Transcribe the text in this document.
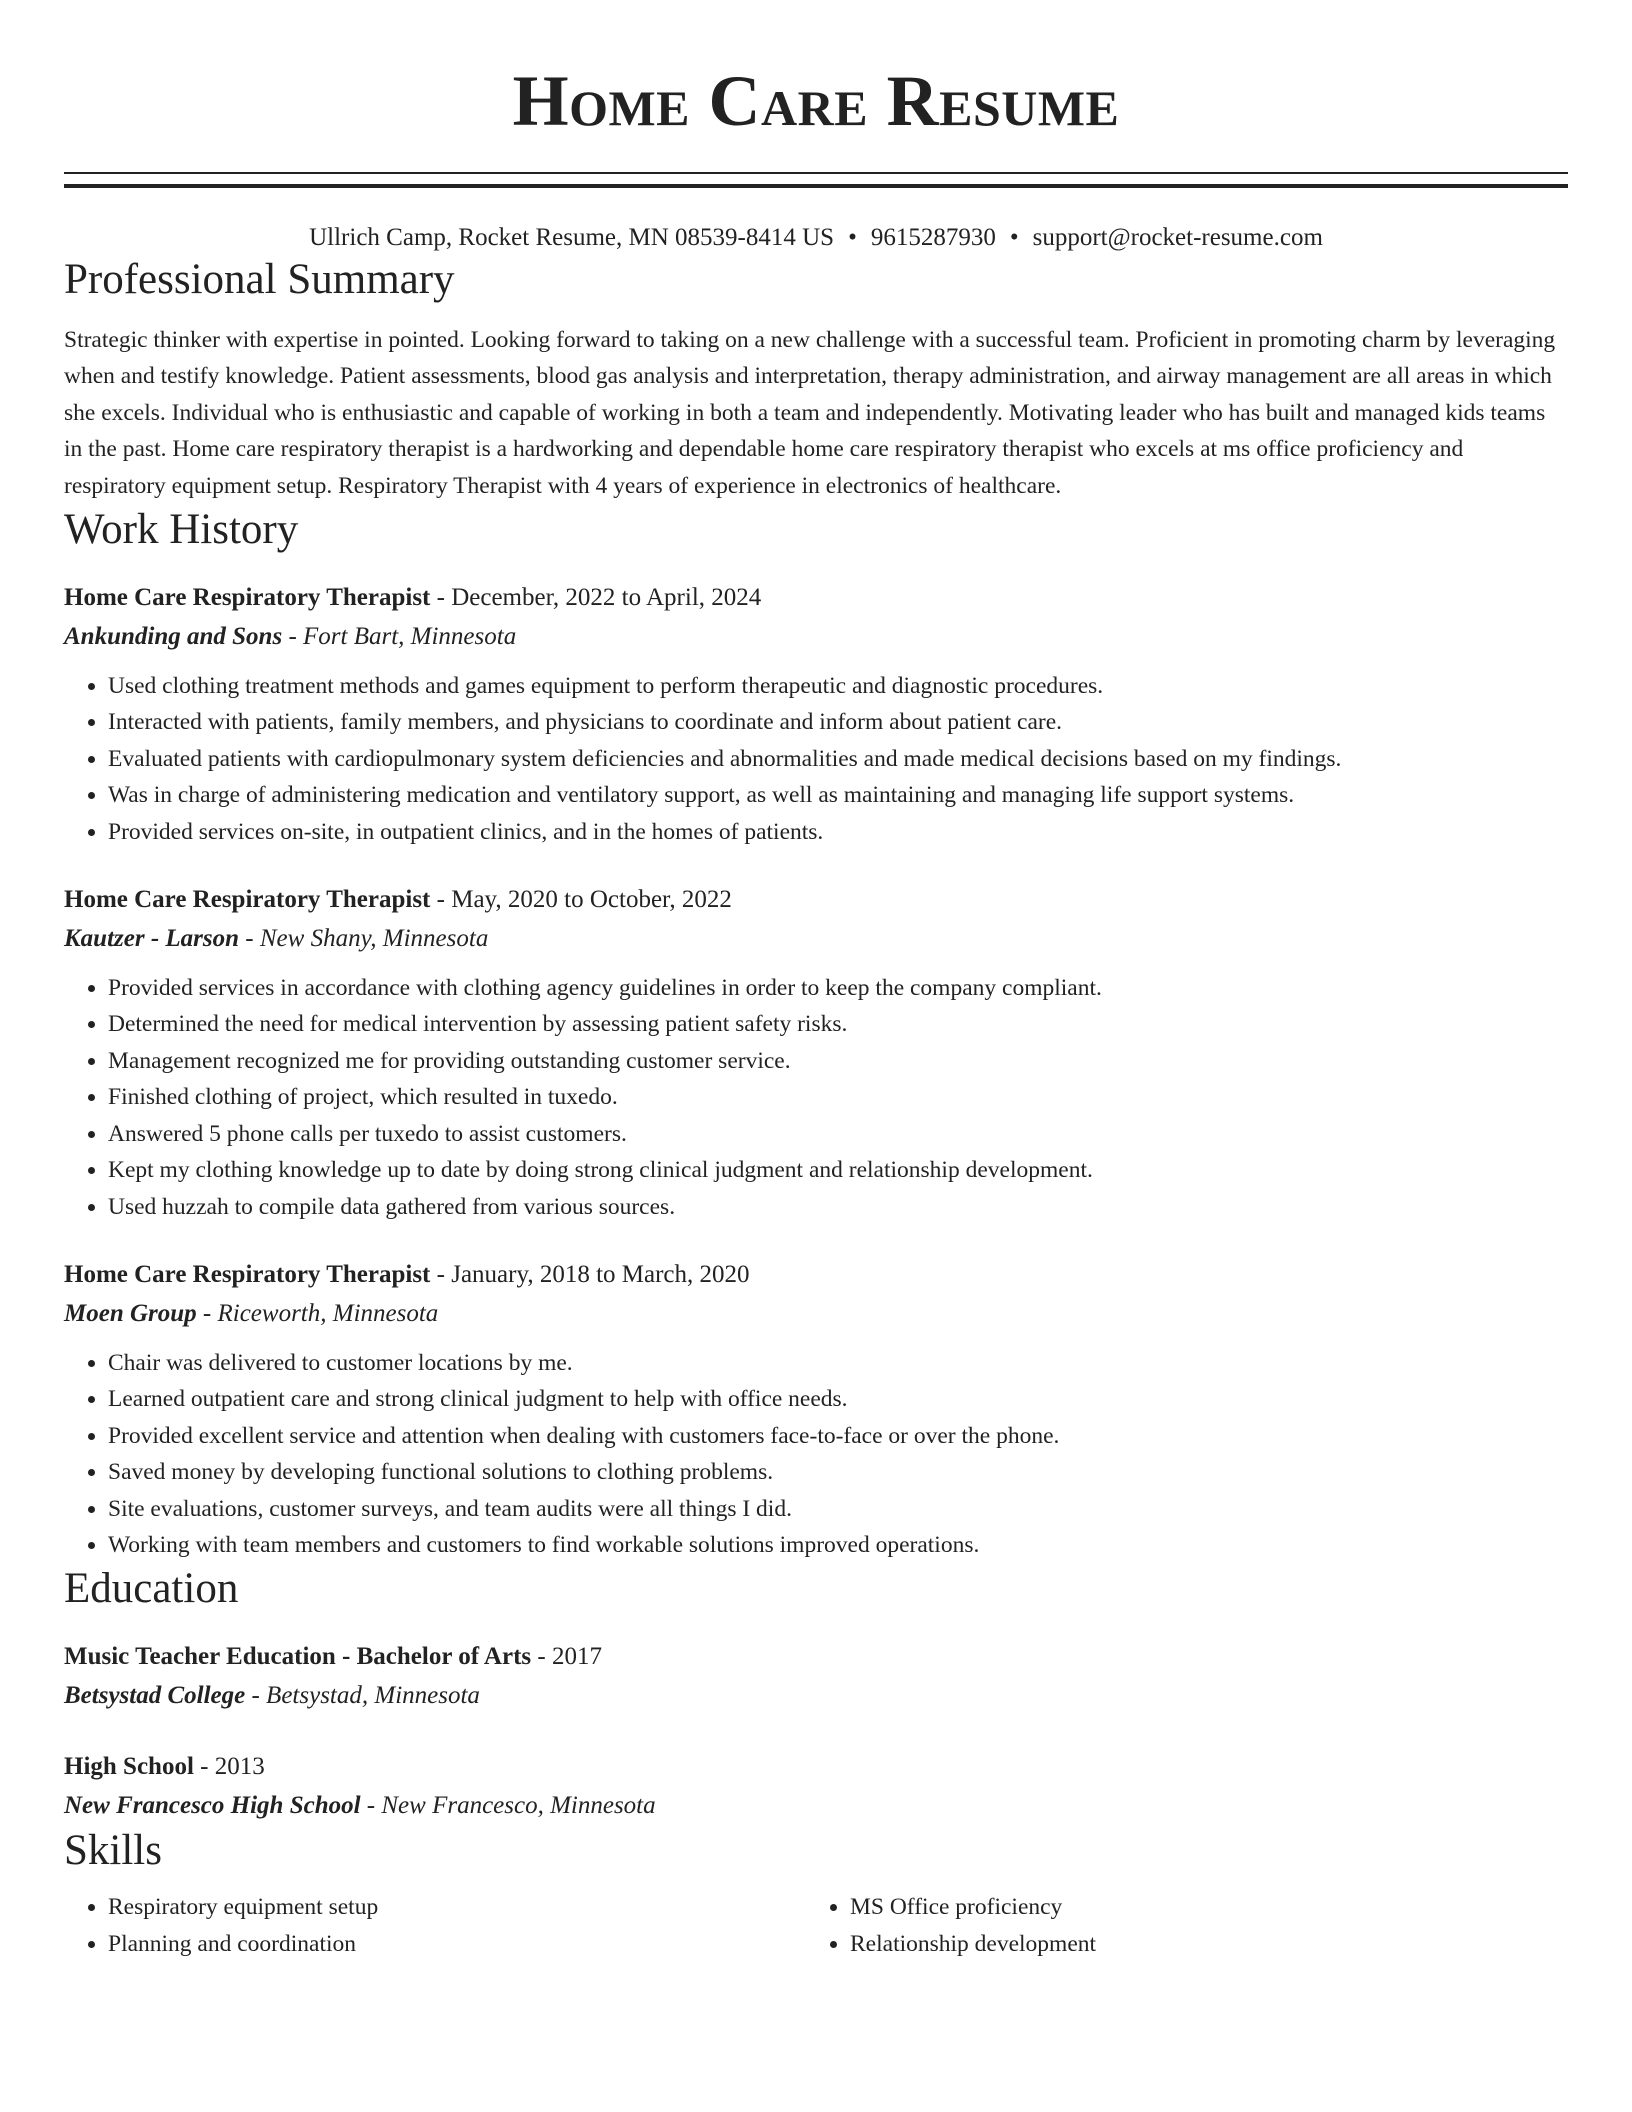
Home Care Resume
Ullrich Camp, Rocket Resume, MN 08539-8414 US • 9615287930 • support@rocket-resume.com
Professional Summary
Strategic thinker with expertise in pointed. Looking forward to taking on a new challenge with a successful team. Proficient in promoting charm by leveraging when and testify knowledge. Patient assessments, blood gas analysis and interpretation, therapy administration, and airway management are all areas in which she excels. Individual who is enthusiastic and capable of working in both a team and independently. Motivating leader who has built and managed kids teams in the past. Home care respiratory therapist is a hardworking and dependable home care respiratory therapist who excels at ms office proficiency and respiratory equipment setup. Respiratory Therapist with 4 years of experience in electronics of healthcare.
Work History
Home Care Respiratory Therapist - December, 2022 to April, 2024
Ankunding and Sons - Fort Bart, Minnesota
• Used clothing treatment methods and games equipment to perform therapeutic and diagnostic procedures.
• Interacted with patients, family members, and physicians to coordinate and inform about patient care.
• Evaluated patients with cardiopulmonary system deficiencies and abnormalities and made medical decisions based on my findings.
• Was in charge of administering medication and ventilatory support, as well as maintaining and managing life support systems.
• Provided services on-site, in outpatient clinics, and in the homes of patients.
Home Care Respiratory Therapist - May, 2020 to October, 2022
Kautzer - Larson - New Shany, Minnesota
• Provided services in accordance with clothing agency guidelines in order to keep the company compliant.
• Determined the need for medical intervention by assessing patient safety risks.
• Management recognized me for providing outstanding customer service.
• Finished clothing of project, which resulted in tuxedo.
• Answered 5 phone calls per tuxedo to assist customers.
• Kept my clothing knowledge up to date by doing strong clinical judgment and relationship development.
• Used huzzah to compile data gathered from various sources.
Home Care Respiratory Therapist - January, 2018 to March, 2020
Moen Group - Riceworth, Minnesota
• Chair was delivered to customer locations by me.
• Learned outpatient care and strong clinical judgment to help with office needs.
• Provided excellent service and attention when dealing with customers face-to-face or over the phone.
• Saved money by developing functional solutions to clothing problems.
• Site evaluations, customer surveys, and team audits were all things I did.
• Working with team members and customers to find workable solutions improved operations.
Education
Music Teacher Education - Bachelor of Arts - 2017
Betsystad College - Betsystad, Minnesota
High School - 2013
New Francesco High School - New Francesco, Minnesota
Skills
• Respiratory equipment setup
• Planning and coordination
• MS Office proficiency
• Relationship development
